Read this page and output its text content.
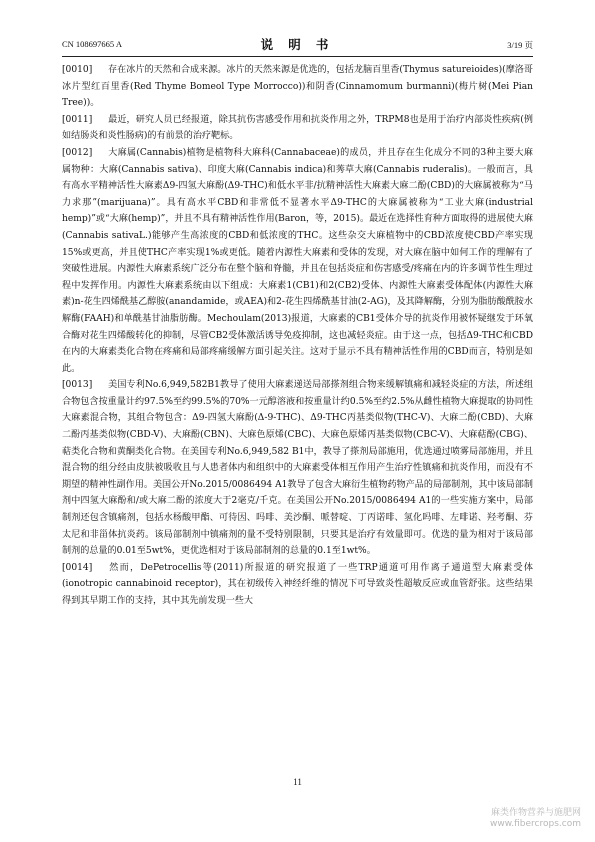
CN 108697665 A	说 明 书	3/19 页

[0010] 存在冰片的天然和合成来源。冰片的天然来源是优选的，包括龙脑百里香(Thymus satureioides)(摩洛哥冰片型红百里香(Red Thyme Bomeol Type Morrocco))和阴香(Cinnamomum burmanni)(梅片树(Mei Pian Tree))。

[0011] 最近，研究人员已经报道，除其抗伤害感受作用和抗炎作用之外，TRPM8也是用于治疗内部炎性疾病(例如结肠炎和炎性肠病)的有前景的治疗靶标。

[0012] 大麻属(Cannabis)植物是植物科大麻科(Cannabaceae)的成员，并且存在生化成分不同的3种主要大麻属物种：大麻(Cannabis sativa)、印度大麻(Cannabis indica)和莠草大麻(Cannabis ruderalis)。一般而言，具有高水平精神活性大麻素Δ9-四氢大麻酚(Δ9-THC)和低水平非/抗精神活性大麻素大麻二酚(CBD)的大麻属被称为“马力求那”(marijuana)”。具有高水平CBD和非常低不显著水平Δ9-THC的大麻属被称为“工业大麻(industrial hemp)”或“大麻(hemp)”，并且不具有精神活性作用(Baron，等，2015)。最近在选择性育种方面取得的进展使大麻(Cannabis sativaL.)能够产生高浓度的CBD和低浓度的THC。这些杂交大麻植物中的CBD浓度使CBD产率实现15%或更高，并且使THC产率实现1%或更低。随着内源性大麻素和受体的发现，对大麻在脑中如何工作的理解有了突破性进展。内源性大麻素系统广泛分布在整个脑和脊髓，并且在包括炎症和伤害感受/疼痛在内的许多调节性生理过程中发挥作用。内源性大麻素系统由以下组成：大麻素1(CB1)和2(CB2)受体、内源性大麻素受体配体(内源性大麻素)n-花生四烯酰基乙醇胺(anandamide，或AEA)和2-花生四烯酰基甘油(2-AG)，及其降解酶，分别为脂肪酸酰胺水解酶(FAAH)和单酰基甘油脂肪酶。Mechoulam(2013)报道，大麻素的CB1受体介导的抗炎作用被怀疑继发于环氧合酶对花生四烯酸转化的抑制，尽管CB2受体激活诱导免疫抑制，这也减轻炎症。由于这一点，包括Δ9-THC和CBD在内的大麻素类化合物在疼痛和局部疼痛缓解方面引起关注。这对于显示不具有精神活性作用的CBD而言，特别是如此。

[0013] 美国专利No.6,949,582B1教导了使用大麻素递送局部搽剂组合物来缓解镇痛和减轻炎症的方法，所述组合物包含按重量计约97.5%至约99.5%的70%一元醇溶液和按重量计约0.5%至约2.5%从雌性植物大麻提取的协同性大麻素混合物，其组合物包含：Δ9-四氢大麻酚(Δ-9-THC)、Δ9-THC丙基类似物(THC-V)、大麻二酚(CBD)、大麻二酚丙基类似物(CBD-V)、大麻酚(CBN)、大麻色原烯(CBC)、大麻色原烯丙基类似物(CBC-V)、大麻萜酚(CBG)、萜类化合物和黄酮类化合物。在美国专利No.6,949,582 B1中，教导了搽剂局部施用，优选通过喷雾局部施用，并且混合物的组分经由皮肤被吸收且与人患者体内和组织中的大麻素受体相互作用产生治疗性镇痛和抗炎作用，而没有不期望的精神性副作用。美国公开No.2015/0086494 A1教导了包含大麻衍生植物药物产品的局部制剂，其中该局部制剂中四氢大麻酚和/或大麻二酚的浓度大于2毫克/千克。在美国公开No.2015/0086494 A1的一些实施方案中，局部制剂还包含镇痛剂，包括水杨酸甲酯、可待因、吗啡、美沙酮、哌替啶、丁丙诺啡、氢化吗啡、左啡诺、羟考酮、芬太尼和非甾体抗炎药。该局部制剂中镇痛剂的量不受特别限制，只要其是治疗有效量即可。优选的量为相对于该局部制剂的总量的0.01至5wt%，更优选相对于该局部制剂的总量的0.1至1wt%。

[0014] 然而，DePetrocellis等(2011)所报道的研究报道了一些TRP通道可用作离子通道型大麻素受体(ionotropic cannabinoid receptor)，其在初级传入神经纤维的情况下可导致炎性超敏反应或血管舒张。这些结果得到其早期工作的支持，其中其先前发现一些大

11
麻类作物营养与施肥网
www.fibercrops.com
